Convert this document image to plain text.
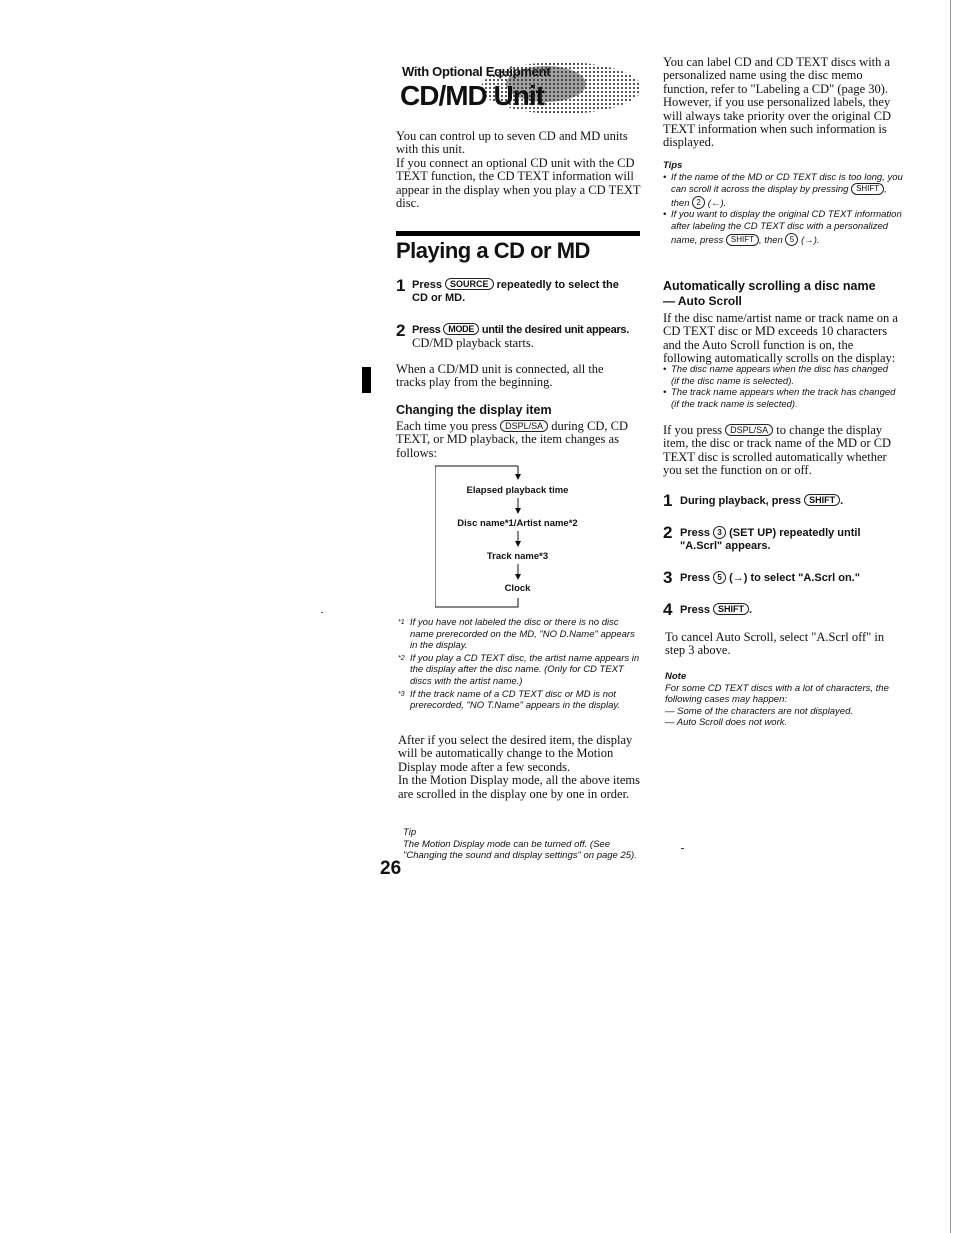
With Optional Equipment
CD/MD Unit

You can control up to seven CD and MD units with this unit.

If you connect an optional CD unit with the CD TEXT function, the CD TEXT information will appear in the display when you play a CD TEXT disc.

Playing a CD or MD
1 Press SOURCE repeatedly to select the CD or MD.
2 Press MODE until the desired unit appears.
CD/MD playback starts.
When a CD/MD unit is connected, all the tracks play from the beginning.
Changing the display item
Each time you press DSPL/SA during CD, CD TEXT, or MD playback, the item changes as follows:
Elapsed playback time
Disc name*1/Artist name*2
Track name*3
Clock
*1 If you have not labeled the disc or there is no disc name prerecorded on the MD, "NO D.Name" appears in the display.
*2 If you play a CD TEXT disc, the artist name appears in the display after the disc name. (Only for CD TEXT discs with the artist name.)
*3 If the track name of a CD TEXT disc or MD is not prerecorded, "NO T.Name" appears in the display.

After if you select the desired item, the display will be automatically change to the Motion Display mode after a few seconds.

In the Motion Display mode, all the above items are scrolled in the display one by one in order.

Tip
The Motion Display mode can be turned off. (See "Changing the sound and display settings" on page 25).
26
You can label CD and CD TEXT discs with a personalized name using the disc memo function, refer to "Labeling a CD" (page 30). However, if you use personalized labels, they will always take priority over the original CD TEXT information when such information is displayed.
Tips
• If the name of the MD or CD TEXT disc is too long, you can scroll it across the display by pressing SHIFT , then 2 (←).
• If you want to display the original CD TEXT information after labeling the CD TEXT disc with a personalized name, press SHIFT , then 5 (→).
Automatically scrolling a disc name
— Auto Scroll
If the disc name/artist name or track name on a CD TEXT disc or MD exceeds 10 characters and the Auto Scroll function is on, the following automatically scrolls on the display:
• The disc name appears when the disc has changed (if the disc name is selected).
• The track name appears when the track has changed (if the track name is selected).
If you press DSPL/SA to change the display item, the disc or track name of the MD or CD TEXT disc is scrolled automatically whether you set the function on or off.
1 During playback, press SHIFT .
2 Press 3 (SET UP) repeatedly until "A.Scrl" appears.
3 Press 5 (→) to select "A.Scrl on."
4 Press SHIFT .
To cancel Auto Scroll, select "A.Scrl off" in step 3 above.
Note
For some CD TEXT discs with a lot of characters, the following cases may happen:
— Some of the characters are not displayed.
— Auto Scroll does not work.
